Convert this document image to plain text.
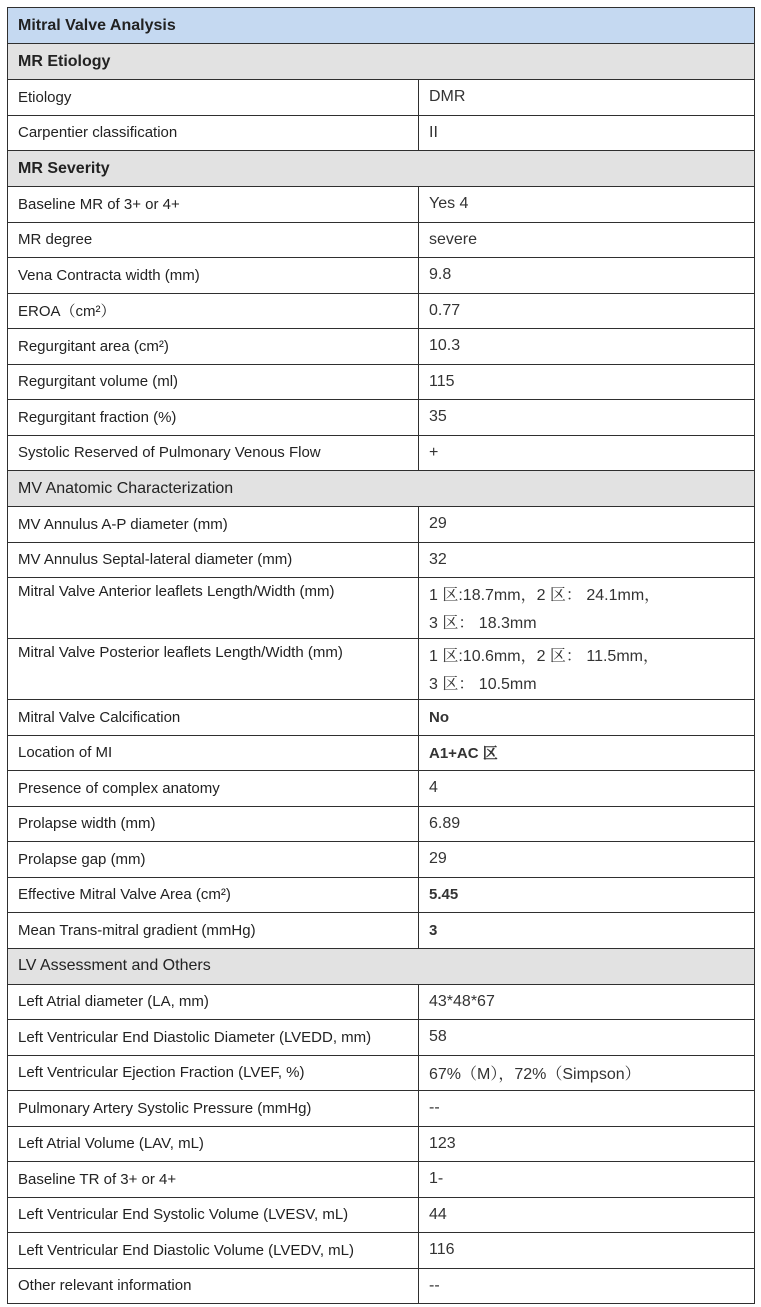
Mitral Valve Analysis	
MR Etiology	
Etiology	DMR
Carpentier classification	II
MR Severity	
Baseline MR of 3+ or 4+	Yes 4
MR degree	severe
Vena Contracta width (mm)	9.8
EROA（cm²）	0.77
Regurgitant area (cm²)	10.3
Regurgitant volume (ml)	115
Regurgitant fraction (%)	35
Systolic Reserved of Pulmonary Venous Flow	+
MV Anatomic Characterization	
MV Annulus A-P diameter (mm)	29
MV Annulus Septal-lateral diameter (mm)	32
Mitral Valve Anterior leaflets Length/Width (mm)	1 区:18.7mm，2 区： 24.1mm，
3 区： 18.3mm

Mitral Valve Posterior leaflets Length/Width (mm)	1 区:10.6mm，2 区： 11.5mm，
3 区： 10.5mm

Mitral Valve Calcification	No
Location of MI	A1+AC 区
Presence of complex anatomy	4
Prolapse width (mm)	6.89
Prolapse gap (mm)	29
Effective Mitral Valve Area (cm²)	5.45
Mean Trans-mitral gradient (mmHg)	3
LV Assessment and Others	
Left Atrial diameter (LA, mm)	43*48*67
Left Ventricular End Diastolic Diameter (LVEDD, mm)	58
Left Ventricular Ejection Fraction (LVEF, %)	67%（M），72%（Simpson）
Pulmonary Artery Systolic Pressure (mmHg)	--
Left Atrial Volume (LAV, mL)	123
Baseline TR of 3+ or 4+	1-
Left Ventricular End Systolic Volume (LVESV, mL)	44
Left Ventricular End Diastolic Volume (LVEDV, mL)	116
Other relevant information	--
